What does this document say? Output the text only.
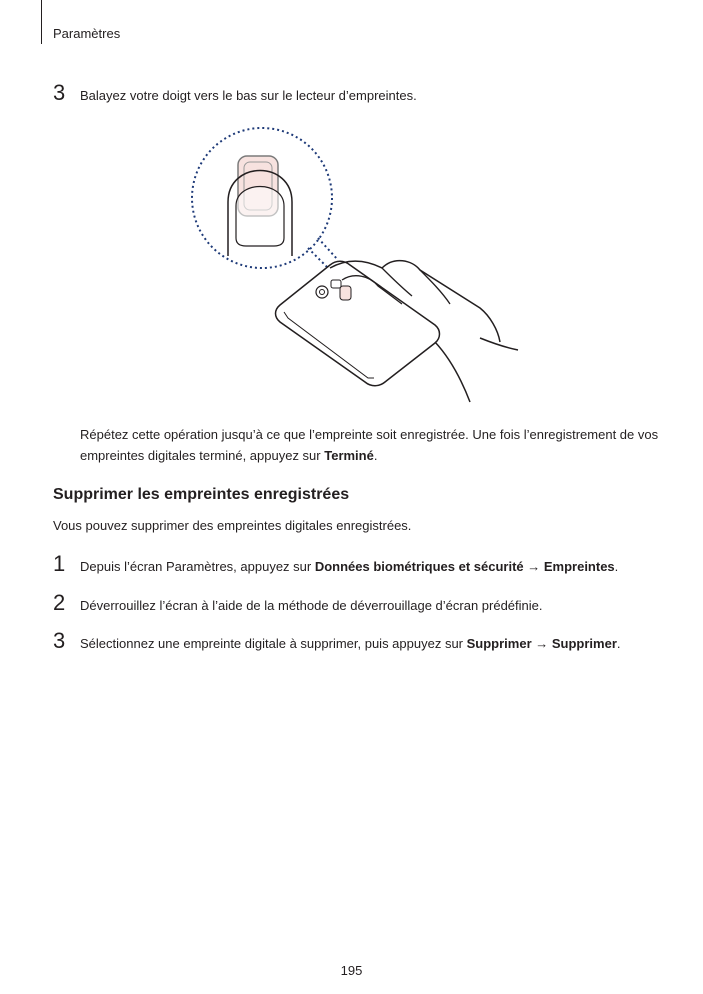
Paramètres
3	Balayez votre doigt vers le bas sur le lecteur d’empreintes.
Répétez cette opération jusqu’à ce que l’empreinte soit enregistrée. Une fois l’enregistrement de vos empreintes digitales terminé, appuyez sur Terminé.
Supprimer les empreintes enregistrées
Vous pouvez supprimer des empreintes digitales enregistrées.
1	Depuis l’écran Paramètres, appuyez sur Données biométriques et sécurité → Empreintes.
2	Déverrouillez l’écran à l’aide de la méthode de déverrouillage d’écran prédéfinie.
3	Sélectionnez une empreinte digitale à supprimer, puis appuyez sur Supprimer → Supprimer.
195
